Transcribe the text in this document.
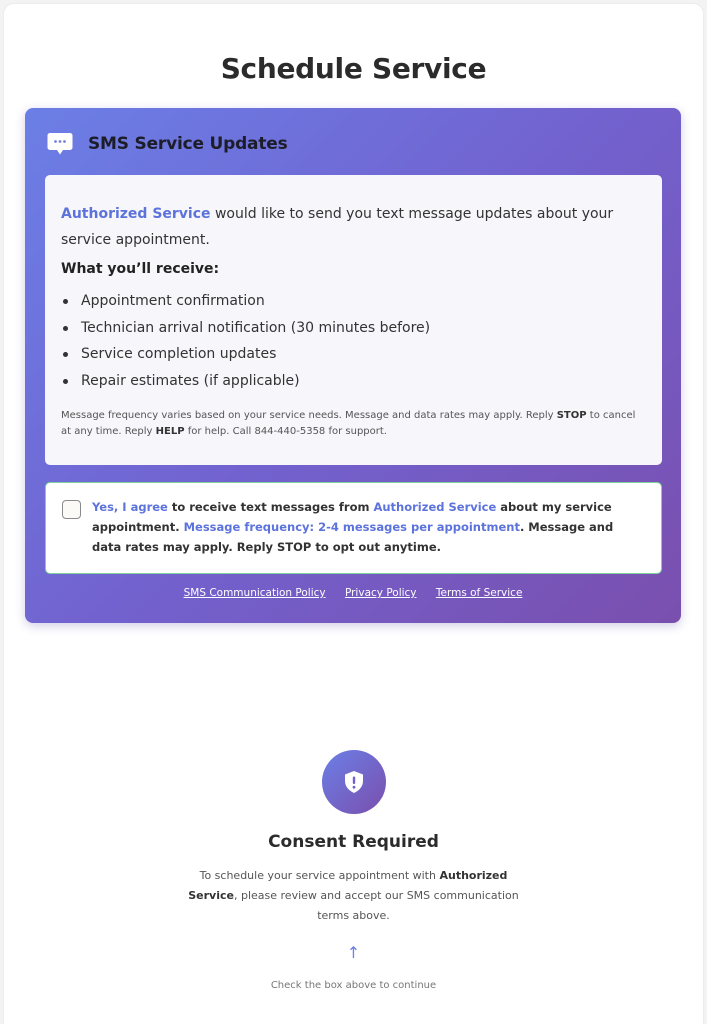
Schedule Service
SMS Service Updates

Authorized Service would like to send you text message updates about your service appointment.

What you’ll receive:

Appointment confirmation
Technician arrival notification (30 minutes before)
Service completion updates
Repair estimates (if applicable)

Message frequency varies based on your service needs. Message and data rates may apply. Reply STOP to cancel at any time. Reply HELP for help. Call 844-440-5358 for support.

Yes, I agree to receive text messages from Authorized Service about my service appointment. Message frequency: 2-4 messages per appointment. Message and data rates may apply. Reply STOP to opt out anytime.

SMS Communication Policy Privacy Policy Terms of Service
Consent Required

To schedule your service appointment with Authorized Service, please review and accept our SMS communication terms above.

↑

Check the box above to continue
